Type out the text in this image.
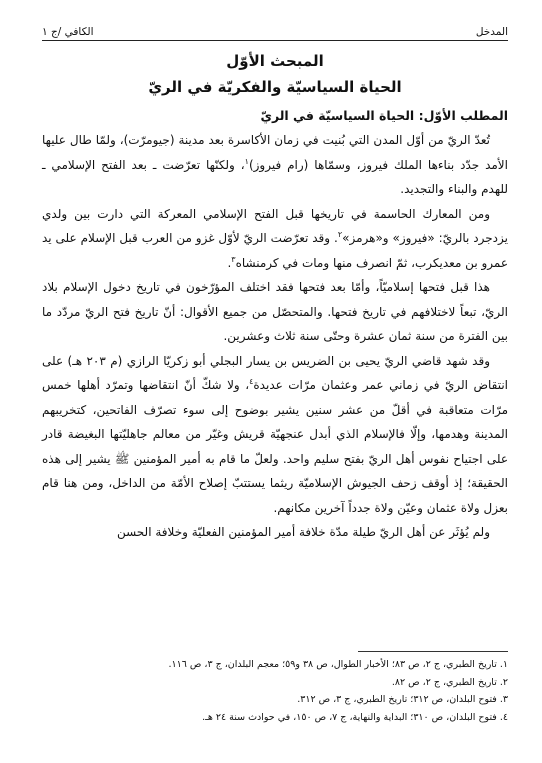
المدخل
الكافي /ج ١
المبحث الأوّل
الحياة السياسيّة والفكريّة في الريّ
المطلب الأوّل: الحياة السياسيّة في الريّ

تُعدّ الريّ من أوّل المدن التي بُنيت في زمان الأكاسرة بعد مدينة (جيومرّت)، ولمّا طال عليها الأمد جدّد بناءها الملك فيروز، وسمّاها (رام فيروز)$^١$، ولكنّها تعرّضت ـ بعد الفتح الإسلامي ـ للهدم والبناء والتجديد.

ومن المعارك الحاسمة في تاريخها قبل الفتح الإسلامي المعركة التي دارت بين ولدي يزدجرد بالريّ: «فيروز» و«هرمز»$^٢$. وقد تعرّضت الريّ لأوّل غزو من العرب قبل الإسلام على يد عمرو بن معديكرب، ثمّ انصرف منها ومات في كرمنشاه$^٣$.

هذا قبل فتحها إسلاميّاً، وأمّا بعد فتحها فقد اختلف المؤرّخون في تاريخ دخول الإسلام بلاد الريّ، تبعاً لاختلافهم في تاريخ فتحها. والمتحصّل من جميع الأقوال: أنّ تاريخ فتح الريّ مردّد ما بين الفترة من سنة ثمان عشرة وحتّى سنة ثلاث وعشرين.

وقد شهد قاضي الريّ يحيى بن الضريس بن يسار البجلي أبو زكريّا الرازي (م ٢٠٣ هـ) على انتقاض الريّ في زماني عمر وعثمان مرّات عديدة$^٤$، ولا شكّ أنّ انتقاضها وتمرّد أهلها خمس مرّات متعاقبة في أقلّ من عشر سنين يشير بوضوح إلى سوء تصرّف الفاتحين، كتخريبهم المدينة وهدمها، وإلّا فالإسلام الذي أبدل عنجهيّة قريش وغيّر من معالم جاهليّتها البغيضة قادر على اجتياح نفوس أهل الريّ بفتح سليم واحد. ولعلّ ما قام به أمير المؤمنين ﷺ يشير إلى هذه الحقيقة؛ إذ أوقف زحف الجيوش الإسلاميّة ريثما يستتبّ إصلاح الأمّة من الداخل، ومن هنا قام بعزل ولاة عثمان وعيّن ولاة جدداً آخرين مكانهم.

ولم يُؤثَر عن أهل الريّ طيلة مدّة خلافة أمير المؤمنين الفعليّة وخلافة الحسن

١. تاريخ الطبري، ج ٢، ص ٨٣؛ الأخبار الطوال، ص ٣٨ و٥٩؛ معجم البلدان، ج ٣، ص ١١٦.
٢. تاريخ الطبري، ج ٢، ص ٨٢.
٣. فتوح البلدان، ص ٣١٢؛ تاريخ الطبري، ج ٣، ص ٣١٢.
٤. فتوح البلدان، ص ٣١٠؛ البداية والنهاية، ج ٧، ص ١٥٠، في حوادث سنة ٢٤ هـ.
